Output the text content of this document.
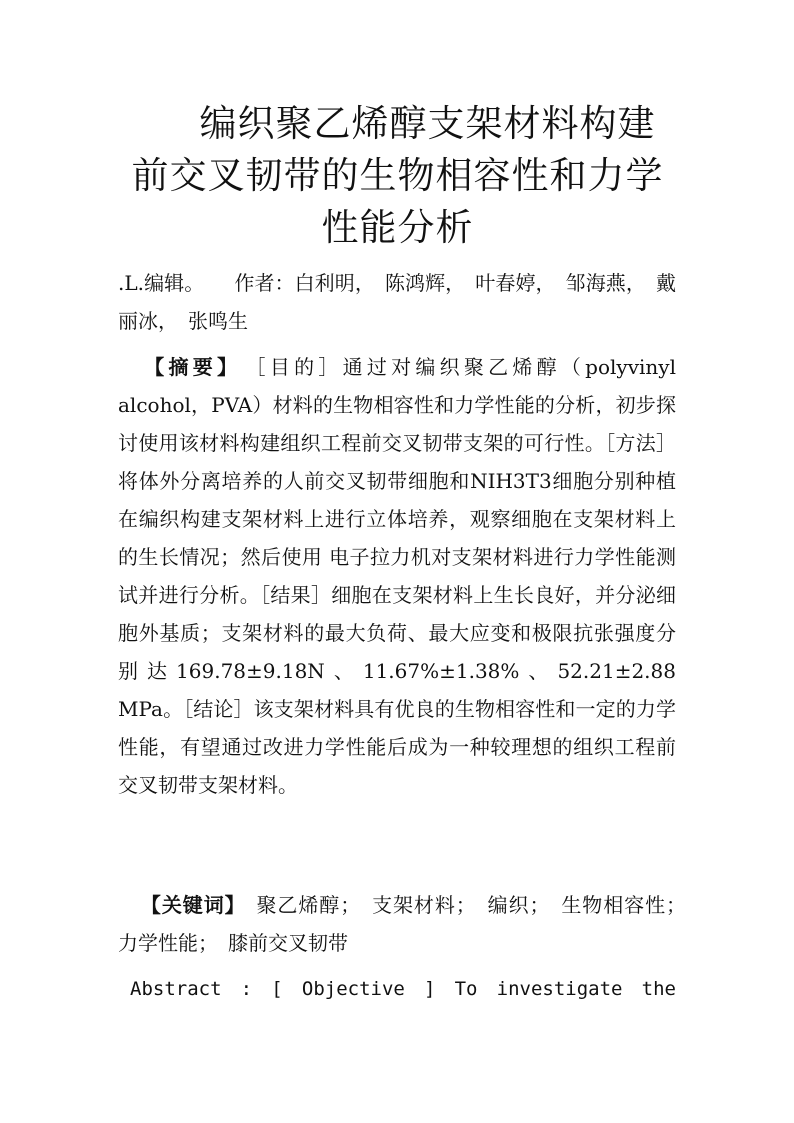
编织聚乙烯醇支架材料构建
前交叉韧带的生物相容性和力学
性能分析
.L.编辑。　　作者：白利明，　陈鸿辉，　叶春婷，　邹海燕，　戴丽冰，　张鸣生
【摘要】　［目的］通过对编织聚乙烯醇（polyvinyl alcohol，PVA）材料的生物相容性和力学性能的分析，初步探讨使用该材料构建组织工程前交叉韧带支架的可行性。［方法］将体外分离培养的人前交叉韧带细胞和NIH3T3细胞分别种植在编织构建支架材料上进行立体培养，观察细胞在支架材料上的生长情况；然后使用 电子拉力机对支架材料进行力学性能测试并进行分析。［结果］细胞在支架材料上生长良好，并分泌细胞外基质；支架材料的最大负荷、最大应变和极限抗张强度分别达169.78±9.18N、11.67%±1.38%、52.21±2.88 MPa。［结论］该支架材料具有优良的生物相容性和一定的力学性能，有望通过改进力学性能后成为一种较理想的组织工程前交叉韧带支架材料。
【关键词】　聚乙烯醇；　支架材料；　编织；　生物相容性；　力学性能；　膝前交叉韧带
Abstract : [ Objective ] To investigate the
